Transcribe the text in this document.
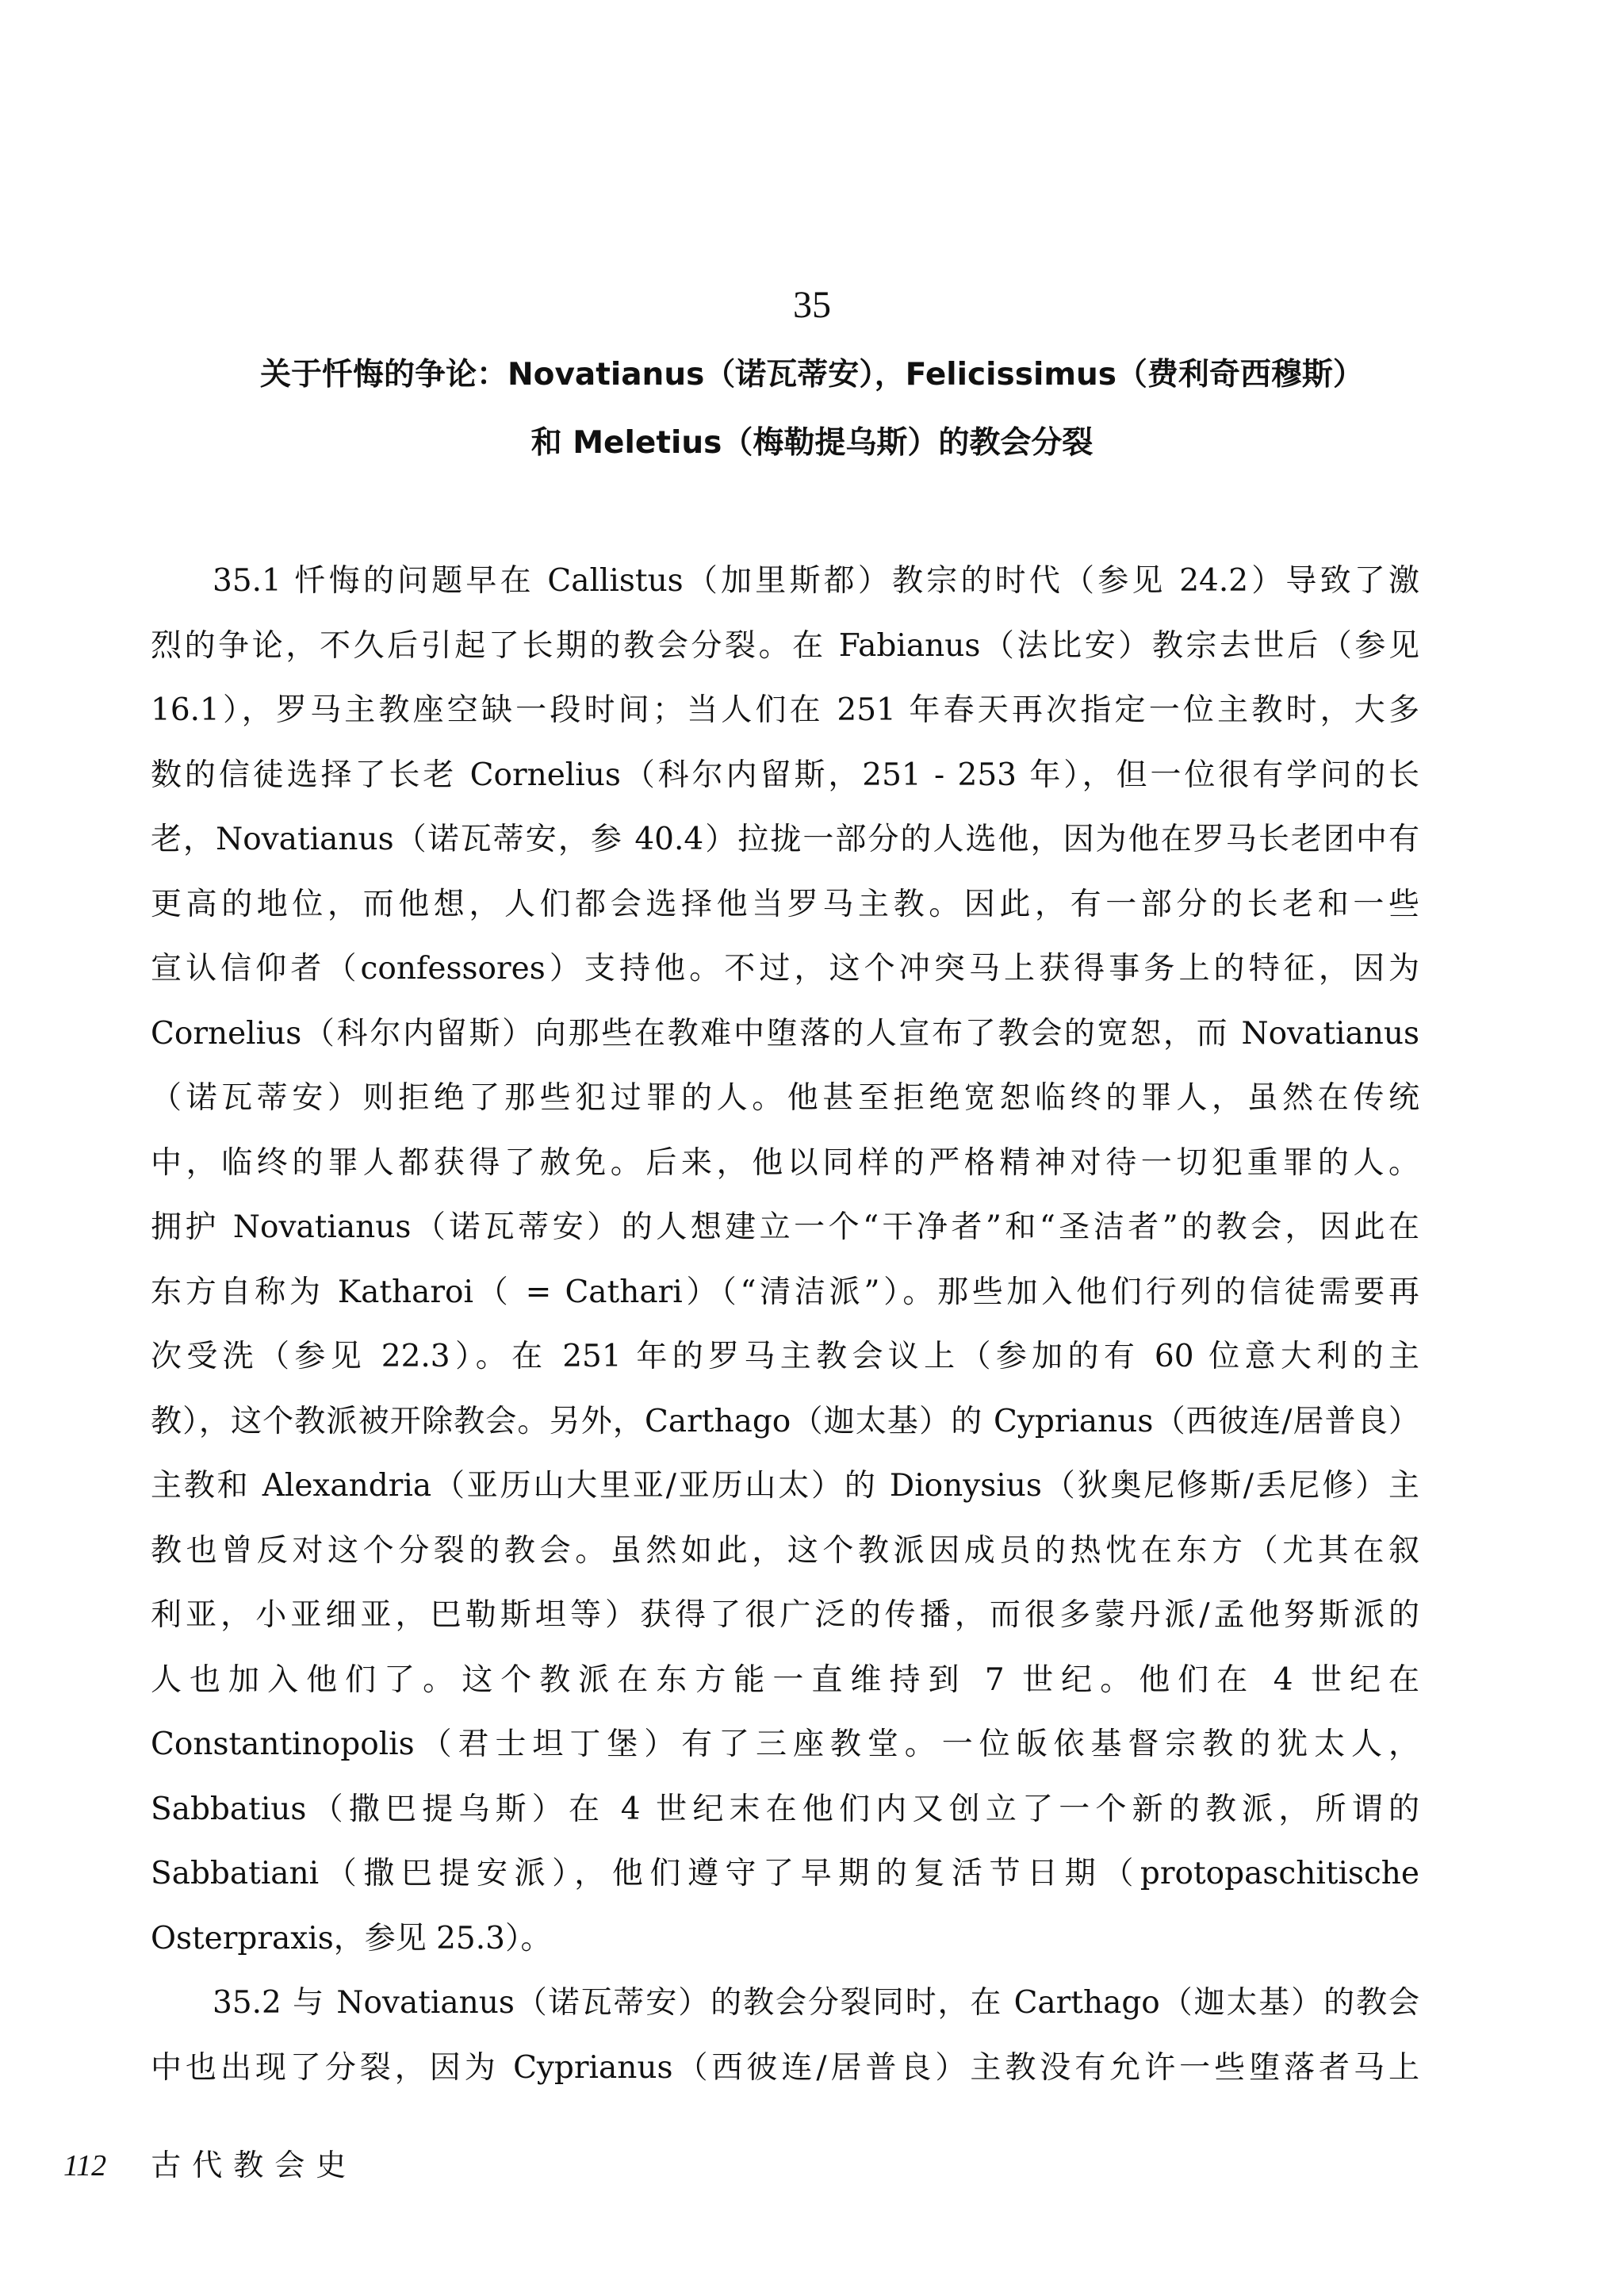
35
关于忏悔的争论：Novatianus（诺瓦蒂安），Felicissimus（费利奇西穆斯）
和 Meletius（梅勒提乌斯）的教会分裂
35.1 忏悔的问题早在 Callistus（加里斯都）教宗的时代（参见 24.2）导致了激
烈的争论，不久后引起了长期的教会分裂。在 Fabianus（法比安）教宗去世后（参见
16.1），罗马主教座空缺一段时间；当人们在 251 年春天再次指定一位主教时，大多
数的信徒选择了长老 Cornelius（科尔内留斯，251 - 253 年），但一位很有学问的长
老，Novatianus（诺瓦蒂安，参 40.4）拉拢一部分的人选他，因为他在罗马长老团中有
更高的地位，而他想，人们都会选择他当罗马主教。因此，有一部分的长老和一些
宣认信仰者（confessores）支持他。不过，这个冲突马上获得事务上的特征，因为
Cornelius（科尔内留斯）向那些在教难中堕落的人宣布了教会的宽恕，而 Novatianus
（诺瓦蒂安）则拒绝了那些犯过罪的人。他甚至拒绝宽恕临终的罪人，虽然在传统
中，临终的罪人都获得了赦免。后来，他以同样的严格精神对待一切犯重罪的人。
拥护 Novatianus（诺瓦蒂安）的人想建立一个“干净者”和“圣洁者”的教会，因此在
东方自称为 Katharoi（ = Cathari）（“清洁派”）。那些加入他们行列的信徒需要再
次受洗（参见 22.3）。在 251 年的罗马主教会议上（参加的有 60 位意大利的主
教），这个教派被开除教会。另外，Carthago（迦太基）的 Cyprianus（西彼连/居普良）
主教和 Alexandria（亚历山大里亚/亚历山太）的 Dionysius（狄奥尼修斯/丢尼修）主
教也曾反对这个分裂的教会。虽然如此，这个教派因成员的热忱在东方（尤其在叙
利亚，小亚细亚，巴勒斯坦等）获得了很广泛的传播，而很多蒙丹派/孟他努斯派的
人也加入他们了。这个教派在东方能一直维持到 7 世纪。他们在 4 世纪在
Constantinopolis（君士坦丁堡）有了三座教堂。一位皈依基督宗教的犹太人，
Sabbatius（撒巴提乌斯）在 4 世纪末在他们内又创立了一个新的教派，所谓的
Sabbatiani（撒巴提安派），他们遵守了早期的复活节日期（protopaschitische
Osterpraxis，参见 25.3）。
35.2 与 Novatianus（诺瓦蒂安）的教会分裂同时，在 Carthago（迦太基）的教会
中也出现了分裂，因为 Cyprianus（西彼连/居普良）主教没有允许一些堕落者马上
112 古代教会史
